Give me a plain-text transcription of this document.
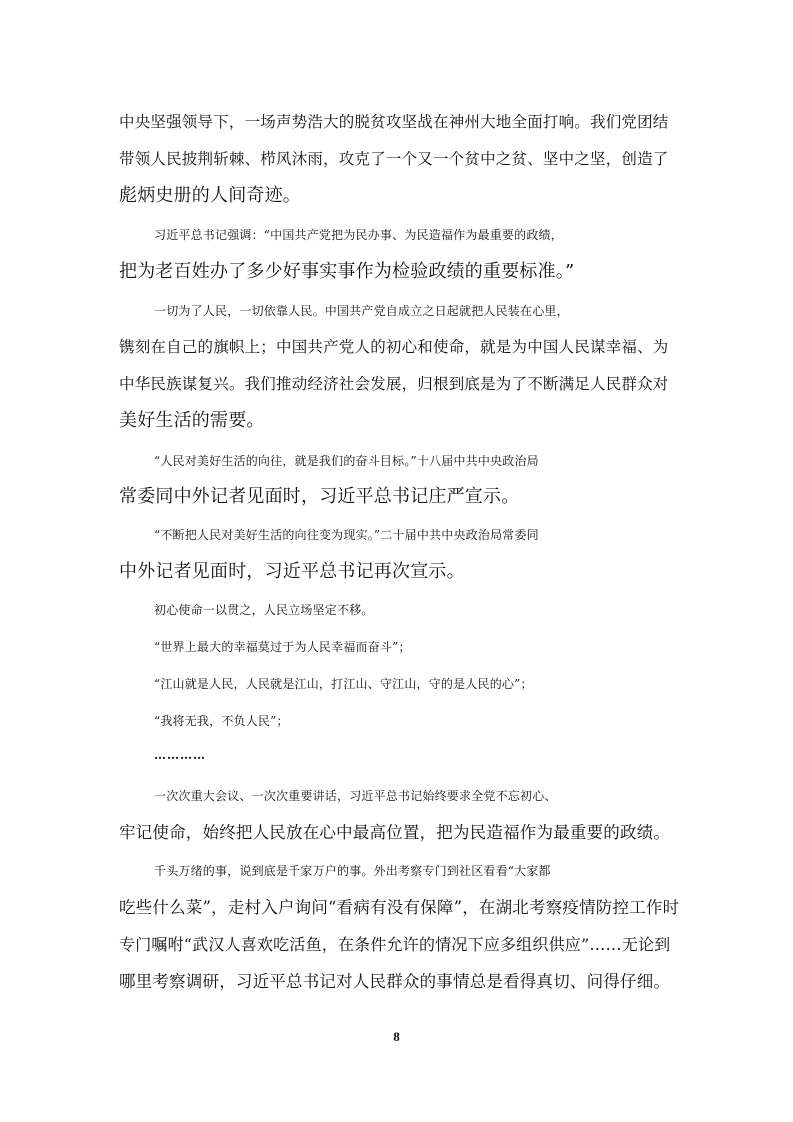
中央坚强领导下，一场声势浩大的脱贫攻坚战在神州大地全面打响。我们党团结
带领人民披荆斩棘、栉风沐雨，攻克了一个又一个贫中之贫、坚中之坚，创造了
彪炳史册的人间奇迹。
习近平总书记强调：“中国共产党把为民办事、为民造福作为最重要的政绩，
把为老百姓办了多少好事实事作为检验政绩的重要标准。”
一切为了人民，一切依靠人民。中国共产党自成立之日起就把人民装在心里，
镌刻在自己的旗帜上；中国共产党人的初心和使命，就是为中国人民谋幸福、为
中华民族谋复兴。我们推动经济社会发展，归根到底是为了不断满足人民群众对
美好生活的需要。
“人民对美好生活的向往，就是我们的奋斗目标。”十八届中共中央政治局
常委同中外记者见面时，习近平总书记庄严宣示。
“不断把人民对美好生活的向往变为现实。”二十届中共中央政治局常委同
中外记者见面时，习近平总书记再次宣示。
初心使命一以贯之，人民立场坚定不移。
“世界上最大的幸福莫过于为人民幸福而奋斗”；
“江山就是人民，人民就是江山，打江山、守江山，守的是人民的心”；
“我将无我，不负人民”；
…………
一次次重大会议、一次次重要讲话，习近平总书记始终要求全党不忘初心、
牢记使命，始终把人民放在心中最高位置，把为民造福作为最重要的政绩。
千头万绪的事，说到底是千家万户的事。外出考察专门到社区看看“大家都
吃些什么菜”，走村入户询问“看病有没有保障”，在湖北考察疫情防控工作时
专门嘱咐“武汉人喜欢吃活鱼，在条件允许的情况下应多组织供应”……无论到
哪里考察调研，习近平总书记对人民群众的事情总是看得真切、问得仔细。
8
